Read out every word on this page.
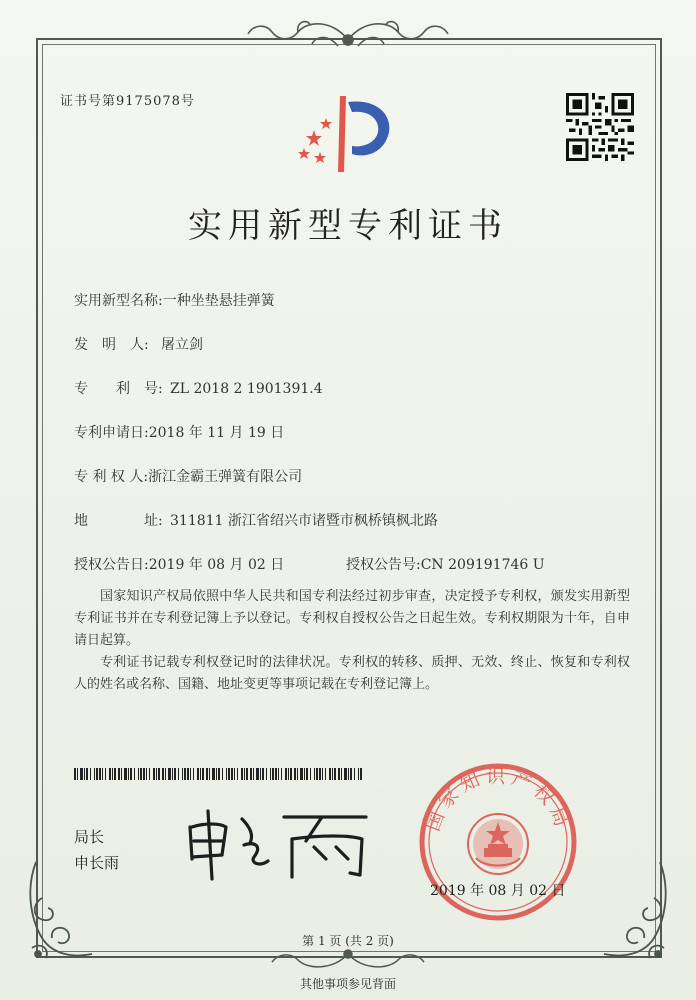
证书号第9175078号
实用新型专利证书
实用新型名称:一种坐垫悬挂弹簧
发　明　人: 屠立剑
专　　利　号: ZL 2018 2 1901391.4
专利申请日:2018 年 11 月 19 日
专 利 权 人:浙江金霸王弹簧有限公司
地　　　　址: 311811 浙江省绍兴市诸暨市枫桥镇枫北路
授权公告日:2019 年 08 月 02 日	授权公告号:CN 209191746 U
国家知识产权局依照中华人民共和国专利法经过初步审查，决定授予专利权，颁发实用新型专利证书并在专利登记簿上予以登记。专利权自授权公告之日起生效。专利权期限为十年，自申请日起算。
专利证书记载专利权登记时的法律状况。专利权的转移、质押、无效、终止、恢复和专利权人的姓名或名称、国籍、地址变更等事项记载在专利登记簿上。
局长
申长雨
国家知识产权局
2019 年 08 月 02 日
第 1 页 (共 2 页)
其他事项参见背面
